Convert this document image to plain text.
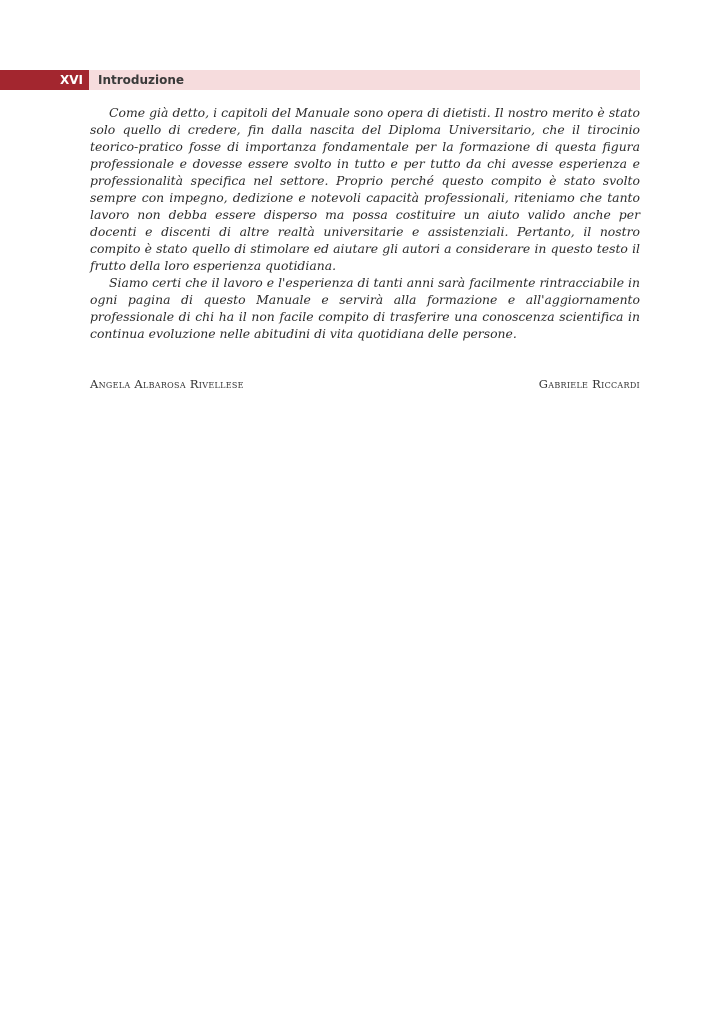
XVI	Introduzione

Come già detto, i capitoli del Manuale sono opera di dietisti. Il nostro merito è stato solo quello di credere, fin dalla nascita del Diploma Universitario, che il tirocinio teorico-pratico fosse di importanza fondamentale per la formazione di questa figura professionale e dovesse essere svolto in tutto e per tutto da chi avesse esperienza e professionalità specifica nel settore. Proprio perché questo compito è stato svolto sempre con impegno, dedizione e notevoli capacità professionali, riteniamo che tanto lavoro non debba essere disperso ma possa costituire un aiuto valido anche per docenti e discenti di altre realtà universitarie e assistenziali. Pertanto, il nostro compito è stato quello di stimolare ed aiutare gli autori a considerare in questo testo il frutto della loro esperienza quotidiana.

Siamo certi che il lavoro e l'esperienza di tanti anni sarà facilmente rintracciabile in ogni pagina di questo Manuale e servirà alla formazione e all'aggiornamento professionale di chi ha il non facile compito di trasferire una conoscenza scientifica in continua evoluzione nelle abitudini di vita quotidiana delle persone.

Angela Albarosa Rivellese	Gabriele Riccardi
